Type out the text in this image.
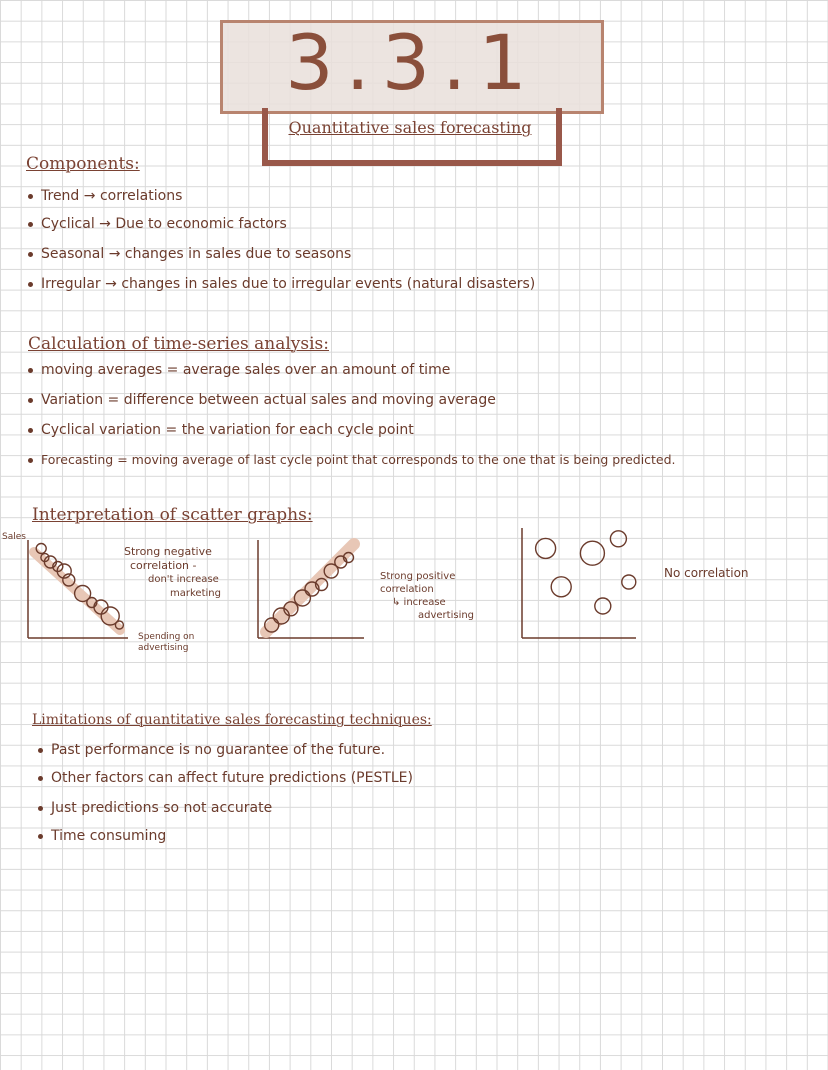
3.3.1
Quantitative sales forecasting
Components:
Trend → correlations
Cyclical → Due to economic factors
Seasonal → changes in sales due to seasons
Irregular → changes in sales due to irregular events (natural disasters)
Calculation of time-series analysis:
moving averages = average sales over an amount of time
Variation = difference between actual sales and moving average
Cyclical variation = the variation for each cycle point
Forecasting = moving average of last cycle point that corresponds to the one that is being predicted.
Interpretation of scatter graphs:
Sales
Strong negative
correlation -
don't increase
marketing
Spending on advertising
Strong positive
correlation
↳ increase
advertising
No correlation
Limitations of quantitative sales forecasting techniques:
Past performance is no guarantee of the future.
Other factors can affect future predictions (PESTLE)
Just predictions so not accurate
Time consuming
